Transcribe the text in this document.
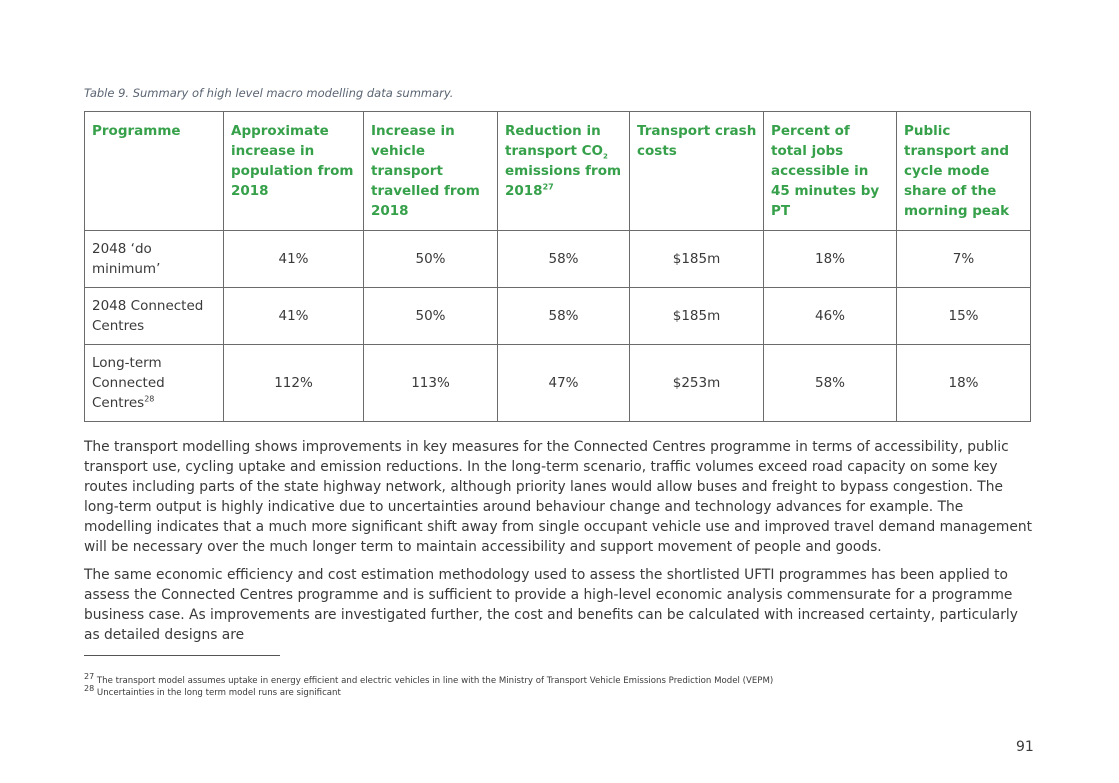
Table 9. Summary of high level macro modelling data summary.

Programme	Approximate increase in population from 2018	Increase in vehicle transport travelled from 2018	Reduction in transport $CO_2$ emissions from 2018$^{27}$	Transport crash costs	Percent of total jobs accessible in 45 minutes by PT	Public transport and cycle mode share of the morning peak
2048 ‘do minimum’	41%	50%	58%	$185m	18%	7%
2048 Connected Centres	41%	50%	58%	$185m	46%	15%
Long-term Connected Centres$^{28}$	112%	113%	47%	$253m	58%	18%

The transport modelling shows improvements in key measures for the Connected Centres programme in terms of accessibility, public transport use, cycling uptake and emission reductions. In the long-term scenario, traffic volumes exceed road capacity on some key routes including parts of the state highway network, although priority lanes would allow buses and freight to bypass congestion. The long-term output is highly indicative due to uncertainties around behaviour change and technology advances for example. The modelling indicates that a much more significant shift away from single occupant vehicle use and improved travel demand management will be necessary over the much longer term to maintain accessibility and support movement of people and goods.

The same economic efficiency and cost estimation methodology used to assess the shortlisted UFTI programmes has been applied to assess the Connected Centres programme and is sufficient to provide a high-level economic analysis commensurate for a programme business case. As improvements are investigated further, the cost and benefits can be calculated with increased certainty, particularly as detailed designs are

$^{27}$ The transport model assumes uptake in energy efficient and electric vehicles in line with the Ministry of Transport Vehicle Emissions Prediction Model (VEPM)
$^{28}$ Uncertainties in the long term model runs are significant
91
